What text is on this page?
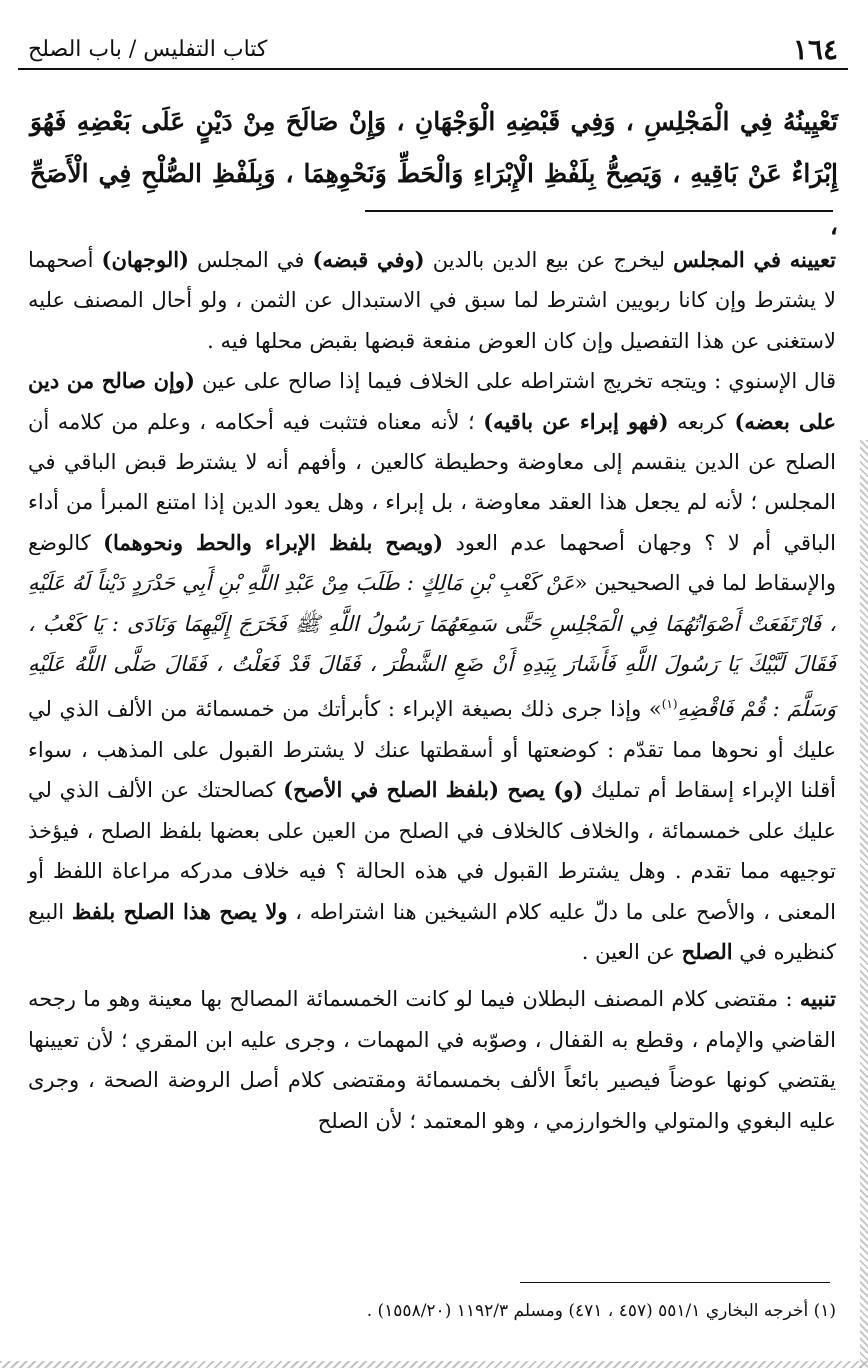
١٦٤
كتاب التفليس / باب الصلح

تَعْيِينُهُ فِي الْمَجْلِسِ ، وَفِي قَبْضِهِ الْوَجْهَانِ ، وَإِنْ صَالَحَ مِنْ دَيْنٍ عَلَى بَعْضِهِ فَهُوَ إِبْرَاءٌ عَنْ بَاقِيهِ ، وَيَصِحُّ بِلَفْظِ الْإِبْرَاءِ وَالْحَطِّ وَنَحْوِهِمَا ، وَبِلَفْظِ الصُّلْحِ فِي الْأَصَحِّ ،

تعيينه في المجلس ليخرج عن بيع الدين بالدين (وفي قبضه) في المجلس (الوجهان) أصحهما لا يشترط وإن كانا ربويين اشترط لما سبق في الاستبدال عن الثمن ، ولو أحال المصنف عليه لاستغنى عن هذا التفصيل وإن كان العوض منفعة قبضها بقبض محلها فيه .

قال الإسنوي : ويتجه تخريج اشتراطه على الخلاف فيما إذا صالح على عين (وإن صالح من دين على بعضه) كربعه (فهو إبراء عن باقيه) ؛ لأنه معناه فتثبت فيه أحكامه ، وعلم من كلامه أن الصلح عن الدين ينقسم إلى معاوضة وحطيطة كالعين ، وأفهم أنه لا يشترط قبض الباقي في المجلس ؛ لأنه لم يجعل هذا العقد معاوضة ، بل إبراء ، وهل يعود الدين إذا امتنع المبرأ من أداء الباقي أم لا ؟ وجهان أصحهما عدم العود (ويصح بلفظ الإبراء والحط ونحوهما) كالوضع والإسقاط لما في الصحيحين «عَنْ كَعْبِ بْنِ مَالِكٍ : طَلَبَ مِنْ عَبْدِ اللَّهِ بْنِ أَبِي حَدْرَدٍ دَيْناً لَهُ عَلَيْهِ ، فَارْتَفَعَتْ أَصْوَاتُهُمَا فِي الْمَجْلِسِ حَتَّى سَمِعَهُمَا رَسُولُ اللَّهِ ﷺ فَخَرَجَ إِلَيْهِمَا وَنَادَى : يَا كَعْبُ ، فَقَالَ لَبَّيْكَ يَا رَسُولَ اللَّهِ فَأَشَارَ بِيَدِهِ أَنْ ضَعِ الشَّطْرَ ، فَقَالَ قَدْ فَعَلْتُ ، فَقَالَ صَلَّى اللَّهُ عَلَيْهِ وَسَلَّمَ : قُمْ فَاقْضِهِ$^{(١)}$» وإذا جرى ذلك بصيغة الإبراء : كأبرأتك من خمسمائة من الألف الذي لي عليك أو نحوها مما تقدّم : كوضعتها أو أسقطتها عنك لا يشترط القبول على المذهب ، سواء أقلنا الإبراء إسقاط أم تمليك (و) يصح (بلفظ الصلح في الأصح) كصالحتك عن الألف الذي لي عليك على خمسمائة ، والخلاف كالخلاف في الصلح من العين على بعضها بلفظ الصلح ، فيؤخذ توجيهه مما تقدم . وهل يشترط القبول في هذه الحالة ؟ فيه خلاف مدركه مراعاة اللفظ أو المعنى ، والأصح على ما دلّ عليه كلام الشيخين هنا اشتراطه ، ولا يصح هذا الصلح بلفظ البيع كنظيره في الصلح عن العين .

تنبيه : مقتضى كلام المصنف البطلان فيما لو كانت الخمسمائة المصالح بها معينة وهو ما رجحه القاضي والإمام ، وقطع به القفال ، وصوّبه في المهمات ، وجرى عليه ابن المقري ؛ لأن تعيينها يقتضي كونها عوضاً فيصير بائعاً الألف بخمسمائة ومقتضى كلام أصل الروضة الصحة ، وجرى عليه البغوي والمتولي والخوارزمي ، وهو المعتمد ؛ لأن الصلح

(١) أخرجه البخاري ٥٥١/١ (٤٥٧ ، ٤٧١) ومسلم ١١٩٢/٣ (١٥٥٨/٢٠) .
